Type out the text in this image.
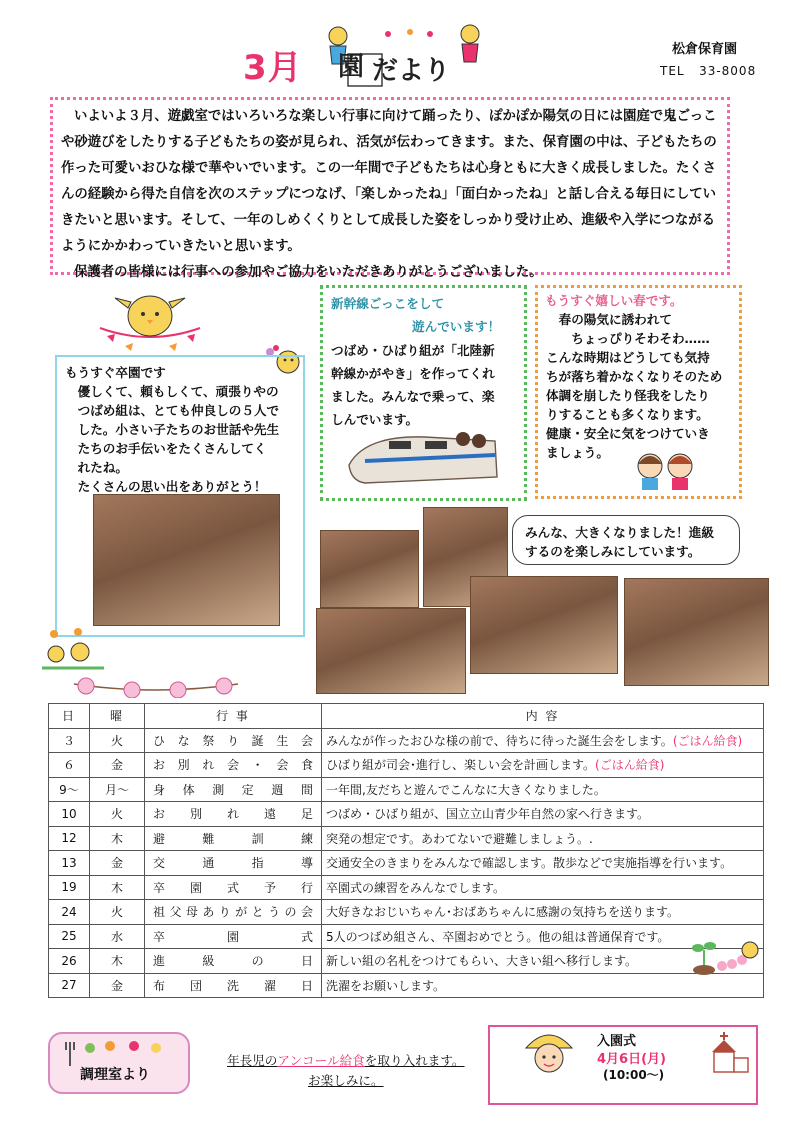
3月 園 だより
松倉保育園
TEL 33-8008

いよいよ３月、遊戯室ではいろいろな楽しい行事に向けて踊ったり、ぽかぽか陽気の日には園庭で鬼ごっこや砂遊びをしたりする子どもたちの姿が見られ、活気が伝わってきます。また、保育園の中は、子どもたちの作った可愛いおひな様で華やいでいます。この一年間で子どもたちは心身ともに大きく成長しました。たくさんの経験から得た自信を次のステップにつなげ、「楽しかったね」「面白かったね」と話し合える毎日にしていきたいと思います。そして、一年のしめくくりとして成長した姿をしっかり受け止め、進級や入学につながるようにかかわっていきたいと思います。

保護者の皆様には行事への参加やご協力をいただきありがとうございました。

もうすぐ卒園です
　優しくて、頼もしくて、頑張りやの
　つばめ組は、とても仲良しの５人で
　した。小さい子たちのお世話や先生
　たちのお手伝いをたくさんしてく
　れたね。
　たくさんの思い出をありがとう！
新幹線ごっこをして
遊んでいます！
つばめ・ひばり組が「北陸新
幹線かがやき」を作ってくれ
ました。みんなで乗って、楽
しんでいます。
もうすぐ嬉しい春です。
　春の陽気に誘われて
　　ちょっぴりそわそわ……
こんな時期はどうしても気持
ちが落ち着かなくなりそのため
体調を崩したり怪我をしたり
りすることも多くなります。
健康・安全に気をつけていき
ましょう。
みんな、大きくなりました！進級
するのを楽しみにしています。
日	曜	行 事	内 容
３	火	ひな祭り誕生会	みんなが作ったおひな様の前で、待ちに待った誕生会をします。(ごはん給食)
６	金	お別れ会・会食	ひばり組が司会･進行し、楽しい会を計画します。(ごはん給食)
9～	月～	身体測定週間	一年間,友だちと遊んでこんなに大きくなりました。
10	火	お別れ遠足	つばめ・ひばり組が、国立立山青少年自然の家へ行きます。
12	木	避難訓練	突発の想定です。あわてないで避難しましょう。.
13	金	交通指導	交通安全のきまりをみんなで確認します。散歩などで実施指導を行います。
19	木	卒園式予行	卒園式の練習をみんなでします。
24	火	祖父母ありがとうの会	大好きなおじいちゃん･おばあちゃんに感謝の気持ちを送ります。
25	水	卒園式	5人のつばめ組さん、卒園おめでとう。他の組は普通保育です。
26	木	進級の日	新しい組の名札をつけてもらい、大きい組へ移行します。
27	金	布団洗濯日	洗濯をお願いします。
調理室より
年長児のアンコール給食を取り入れます。
お楽しみに。
入園式
4月6日(月)
(10:00～)
